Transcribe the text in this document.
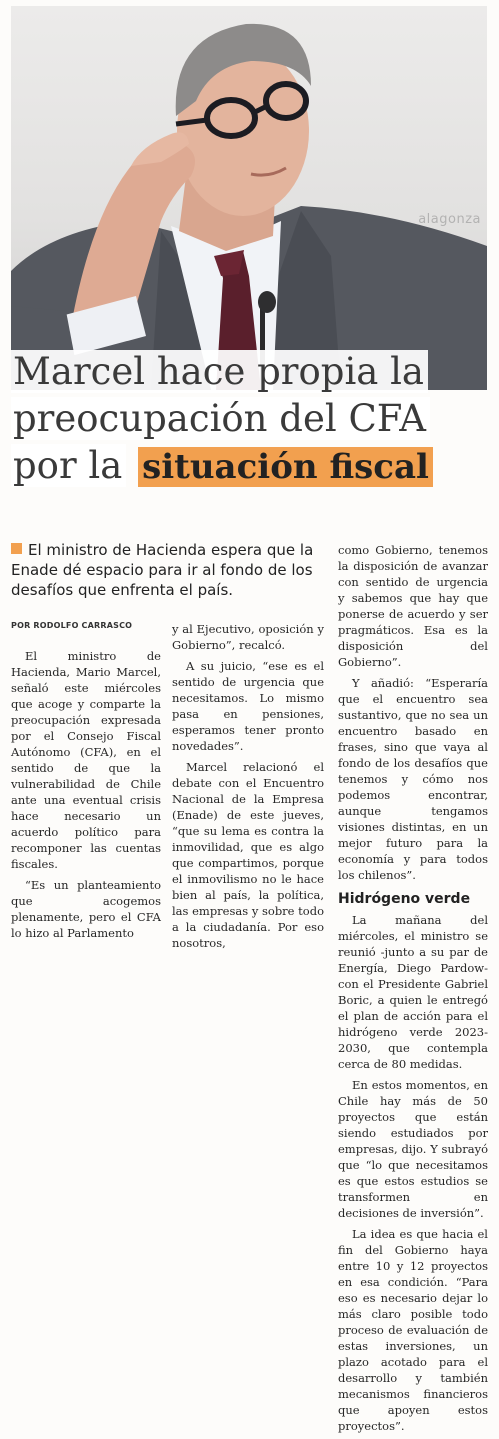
alagonza
Marcel hace propia la
preocupación del CFA
por la situación fiscal
El ministro de Hacienda espera que la Enade dé espacio para ir al fondo de los desafíos que enfrenta el país.
POR RODOLFO CARRASCO

El ministro de Hacienda, Mario Marcel, señaló este miércoles que acoge y comparte la preocupación expresada por el Consejo Fiscal Autónomo (CFA), en el sentido de que la vulnerabilidad de Chile ante una eventual crisis hace necesario un acuerdo político para recomponer las cuentas fiscales.

“Es un planteamiento que acogemos plenamente, pero el CFA lo hizo al Parlamento

y al Ejecutivo, oposición y Gobierno”, recalcó.

A su juicio, “ese es el sentido de urgencia que necesitamos. Lo mismo pasa en pensiones, esperamos tener pronto novedades”.

Marcel relacionó el debate con el Encuentro Nacional de la Empresa (Enade) de este jueves, “que su lema es contra la inmovilidad, que es algo que compartimos, porque el inmovilismo no le hace bien al país, la política, las empresas y sobre todo a la ciudadanía. Por eso nosotros,

como Gobierno, tenemos la disposición de avanzar con sentido de urgencia y sabemos que hay que ponerse de acuerdo y ser pragmáticos. Esa es la disposición del Gobierno”.

Y añadió: “Esperaría que el encuentro sea sustantivo, que no sea un encuentro basado en frases, sino que vaya al fondo de los desafíos que tenemos y cómo nos podemos encontrar, aunque tengamos visiones distintas, en un mejor futuro para la economía y para todos los chilenos”.

Hidrógeno verde

La mañana del miércoles, el ministro se reunió -junto a su par de Energía, Diego Pardow- con el Presidente Gabriel Boric, a quien le entregó el plan de acción para el hidrógeno verde 2023-2030, que contempla cerca de 80 medidas.

En estos momentos, en Chile hay más de 50 proyectos que están siendo estudiados por empresas, dijo. Y subrayó que “lo que necesitamos es que estos estudios se transformen en decisiones de inversión”.

La idea es que hacia el fin del Gobierno haya entre 10 y 12 proyectos en esa condición. “Para eso es necesario dejar lo más claro posible todo proceso de evaluación de estas inversiones, un plazo acotado para el desarrollo y también mecanismos financieros que apoyen estos proyectos”.
